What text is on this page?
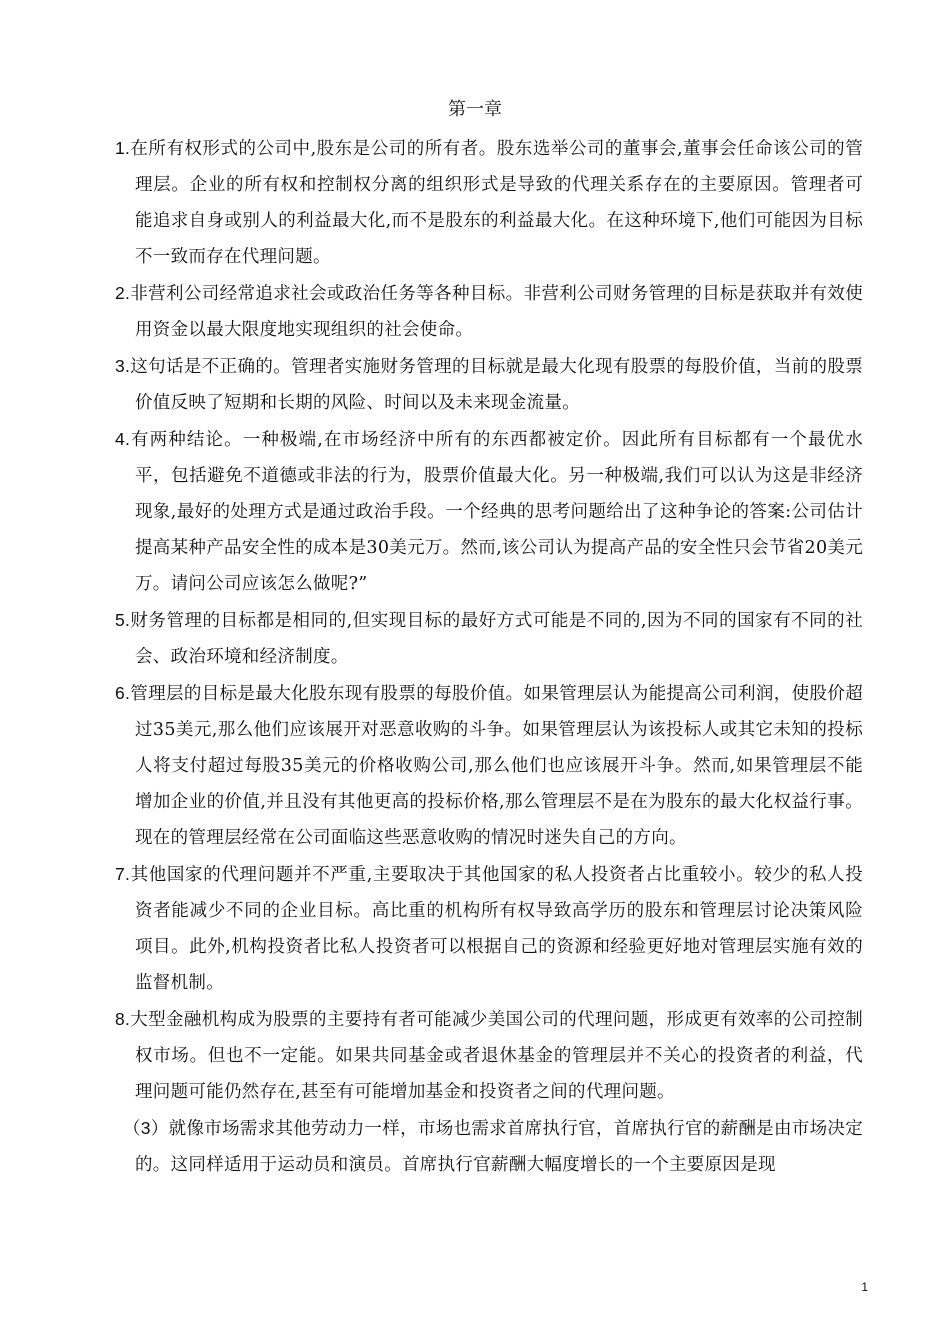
第一章

1.在所有权形式的公司中,股东是公司的所有者。股东选举公司的董事会,董事会任命该公司的管理层。企业的所有权和控制权分离的组织形式是导致的代理关系存在的主要原因。管理者可能追求自身或别人的利益最大化,而不是股东的利益最大化。在这种环境下,他们可能因为目标不一致而存在代理问题。

2.非营利公司经常追求社会或政治任务等各种目标。非营利公司财务管理的目标是获取并有效使用资金以最大限度地实现组织的社会使命。

3.这句话是不正确的。管理者实施财务管理的目标就是最大化现有股票的每股价值，当前的股票价值反映了短期和长期的风险、时间以及未来现金流量。

4.有两种结论。一种极端,在市场经济中所有的东西都被定价。因此所有目标都有一个最优水平，包括避免不道德或非法的行为，股票价值最大化。另一种极端,我们可以认为这是非经济现象,最好的处理方式是通过政治手段。一个经典的思考问题给出了这种争论的答案:公司估计提高某种产品安全性的成本是30美元万。然而,该公司认为提高产品的安全性只会节省20美元万。请问公司应该怎么做呢?”

5.财务管理的目标都是相同的,但实现目标的最好方式可能是不同的,因为不同的国家有不同的社会、政治环境和经济制度。

6.管理层的目标是最大化股东现有股票的每股价值。如果管理层认为能提高公司利润，使股价超过35美元,那么他们应该展开对恶意收购的斗争。如果管理层认为该投标人或其它未知的投标人将支付超过每股35美元的价格收购公司,那么他们也应该展开斗争。然而,如果管理层不能增加企业的价值,并且没有其他更高的投标价格,那么管理层不是在为股东的最大化权益行事。现在的管理层经常在公司面临这些恶意收购的情况时迷失自己的方向。

7.其他国家的代理问题并不严重,主要取决于其他国家的私人投资者占比重较小。较少的私人投资者能减少不同的企业目标。高比重的机构所有权导致高学历的股东和管理层讨论决策风险项目。此外,机构投资者比私人投资者可以根据自己的资源和经验更好地对管理层实施有效的监督机制。

8.大型金融机构成为股票的主要持有者可能减少美国公司的代理问题，形成更有效率的公司控制权市场。但也不一定能。如果共同基金或者退休基金的管理层并不关心的投资者的利益，代理问题可能仍然存在,甚至有可能增加基金和投资者之间的代理问题。

（3）就像市场需求其他劳动力一样，市场也需求首席执行官，首席执行官的薪酬是由市场决定的。这同样适用于运动员和演员。首席执行官薪酬大幅度增长的一个主要原因是现

1
